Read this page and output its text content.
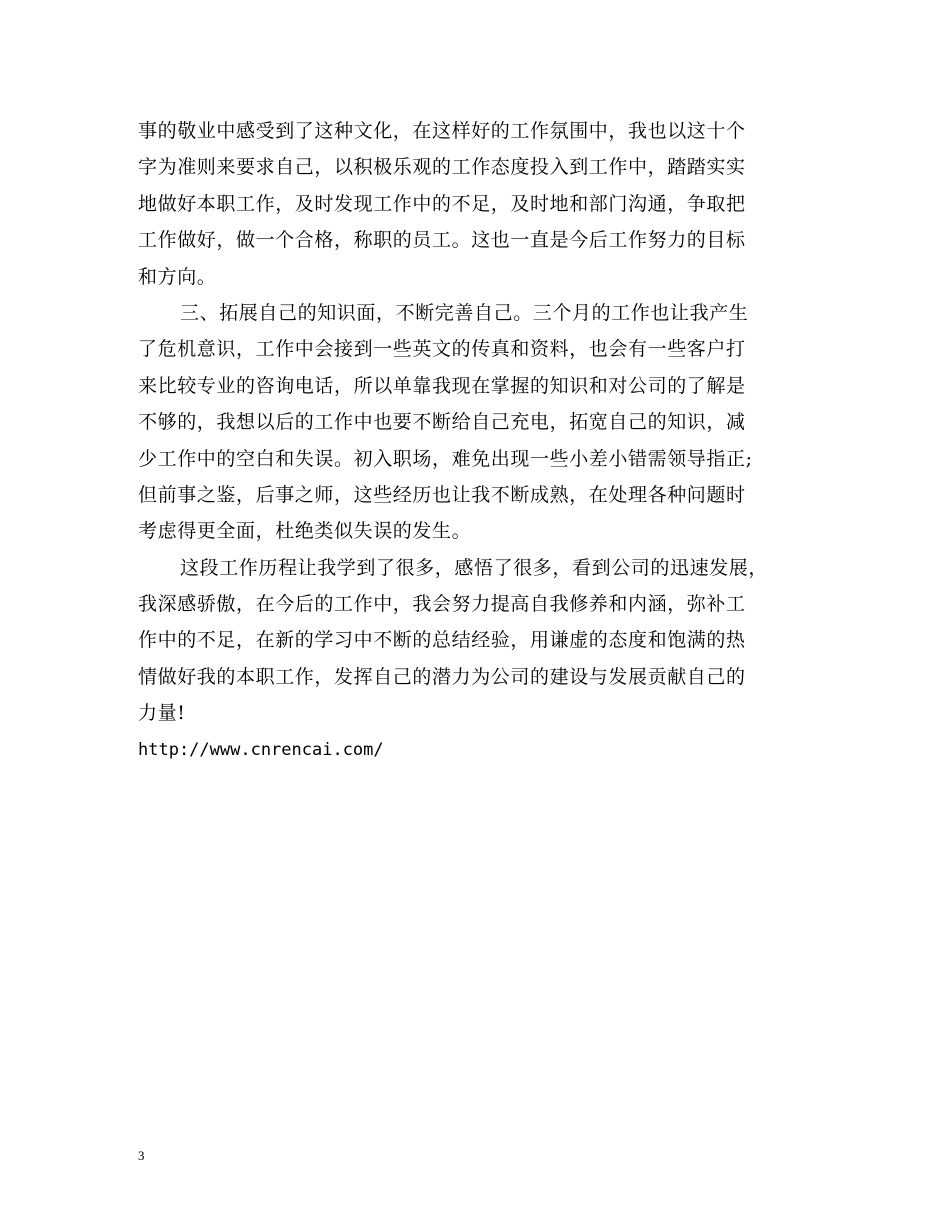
事的敬业中感受到了这种文化，在这样好的工作氛围中，我也以这十个
字为准则来要求自己，以积极乐观的工作态度投入到工作中，踏踏实实
地做好本职工作，及时发现工作中的不足，及时地和部门沟通，争取把
工作做好，做一个合格，称职的员工。这也一直是今后工作努力的目标
和方向。
三、拓展自己的知识面，不断完善自己。三个月的工作也让我产生
了危机意识，工作中会接到一些英文的传真和资料，也会有一些客户打
来比较专业的咨询电话，所以单靠我现在掌握的知识和对公司的了解是
不够的，我想以后的工作中也要不断给自己充电，拓宽自己的知识，减
少工作中的空白和失误。初入职场，难免出现一些小差小错需领导指正;
但前事之鉴，后事之师，这些经历也让我不断成熟，在处理各种问题时
考虑得更全面，杜绝类似失误的发生。
这段工作历程让我学到了很多，感悟了很多，看到公司的迅速发展，
我深感骄傲，在今后的工作中，我会努力提高自我修养和内涵，弥补工
作中的不足，在新的学习中不断的总结经验，用谦虚的态度和饱满的热
情做好我的本职工作，发挥自己的潜力为公司的建设与发展贡献自己的
力量!
http://www.cnrencai.com/
3
